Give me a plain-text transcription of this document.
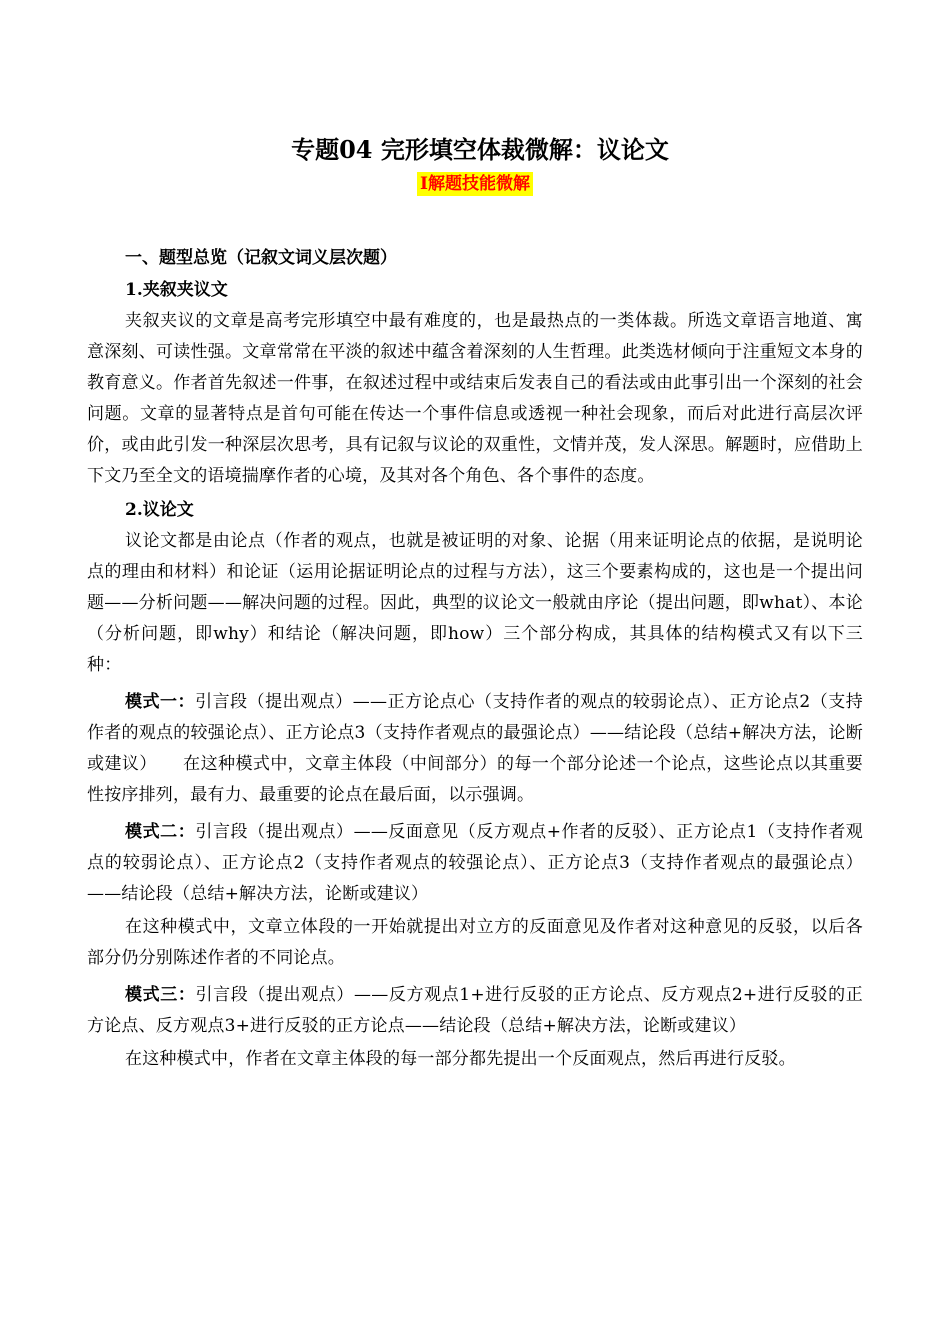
专题04 完形填空体裁微解：议论文
I解题技能微解
一、题型总览（记叙文词义层次题）
1.夹叙夹议文

夹叙夹议的文章是高考完形填空中最有难度的，也是最热点的一类体裁。所选文章语言地道、寓意深刻、可读性强。文章常常在平淡的叙述中蕴含着深刻的人生哲理。此类选材倾向于注重短文本身的教育意义。作者首先叙述一件事，在叙述过程中或结束后发表自己的看法或由此事引出一个深刻的社会问题。文章的显著特点是首句可能在传达一个事件信息或透视一种社会现象，而后对此进行高层次评价，或由此引发一种深层次思考，具有记叙与议论的双重性，文情并茂，发人深思。解题时，应借助上下文乃至全文的语境揣摩作者的心境，及其对各个角色、各个事件的态度。

2.议论文

议论文都是由论点（作者的观点，也就是被证明的对象、论据（用来证明论点的依据，是说明论点的理由和材料）和论证（运用论据证明论点的过程与方法），这三个要素构成的，这也是一个提出问题——分析问题——解决问题的过程。因此，典型的议论文一般就由序论（提出问题，即what）、本论（分析问题，即why）和结论（解决问题，即how）三个部分构成，其具体的结构模式又有以下三种：

模式一：引言段（提出观点）——正方论点心（支持作者的观点的较弱论点）、正方论点2（支持作者的观点的较强论点）、正方论点3（支持作者观点的最强论点）——结论段（总结+解决方法，论断或建议）　　在这种模式中，文章主体段（中间部分）的每一个部分论述一个论点，这些论点以其重要性按序排列，最有力、最重要的论点在最后面，以示强调。

模式二：引言段（提出观点）——反面意见（反方观点+作者的反驳）、正方论点1（支持作者观点的较弱论点）、正方论点2（支持作者观点的较强论点）、正方论点3（支持作者观点的最强论点）——结论段（总结+解决方法，论断或建议）

在这种模式中，文章立体段的一开始就提出对立方的反面意见及作者对这种意见的反驳，以后各部分仍分别陈述作者的不同论点。

模式三：引言段（提出观点）——反方观点1+进行反驳的正方论点、反方观点2+进行反驳的正方论点、反方观点3+进行反驳的正方论点——结论段（总结+解决方法，论断或建议）

在这种模式中，作者在文章主体段的每一部分都先提出一个反面观点，然后再进行反驳。
